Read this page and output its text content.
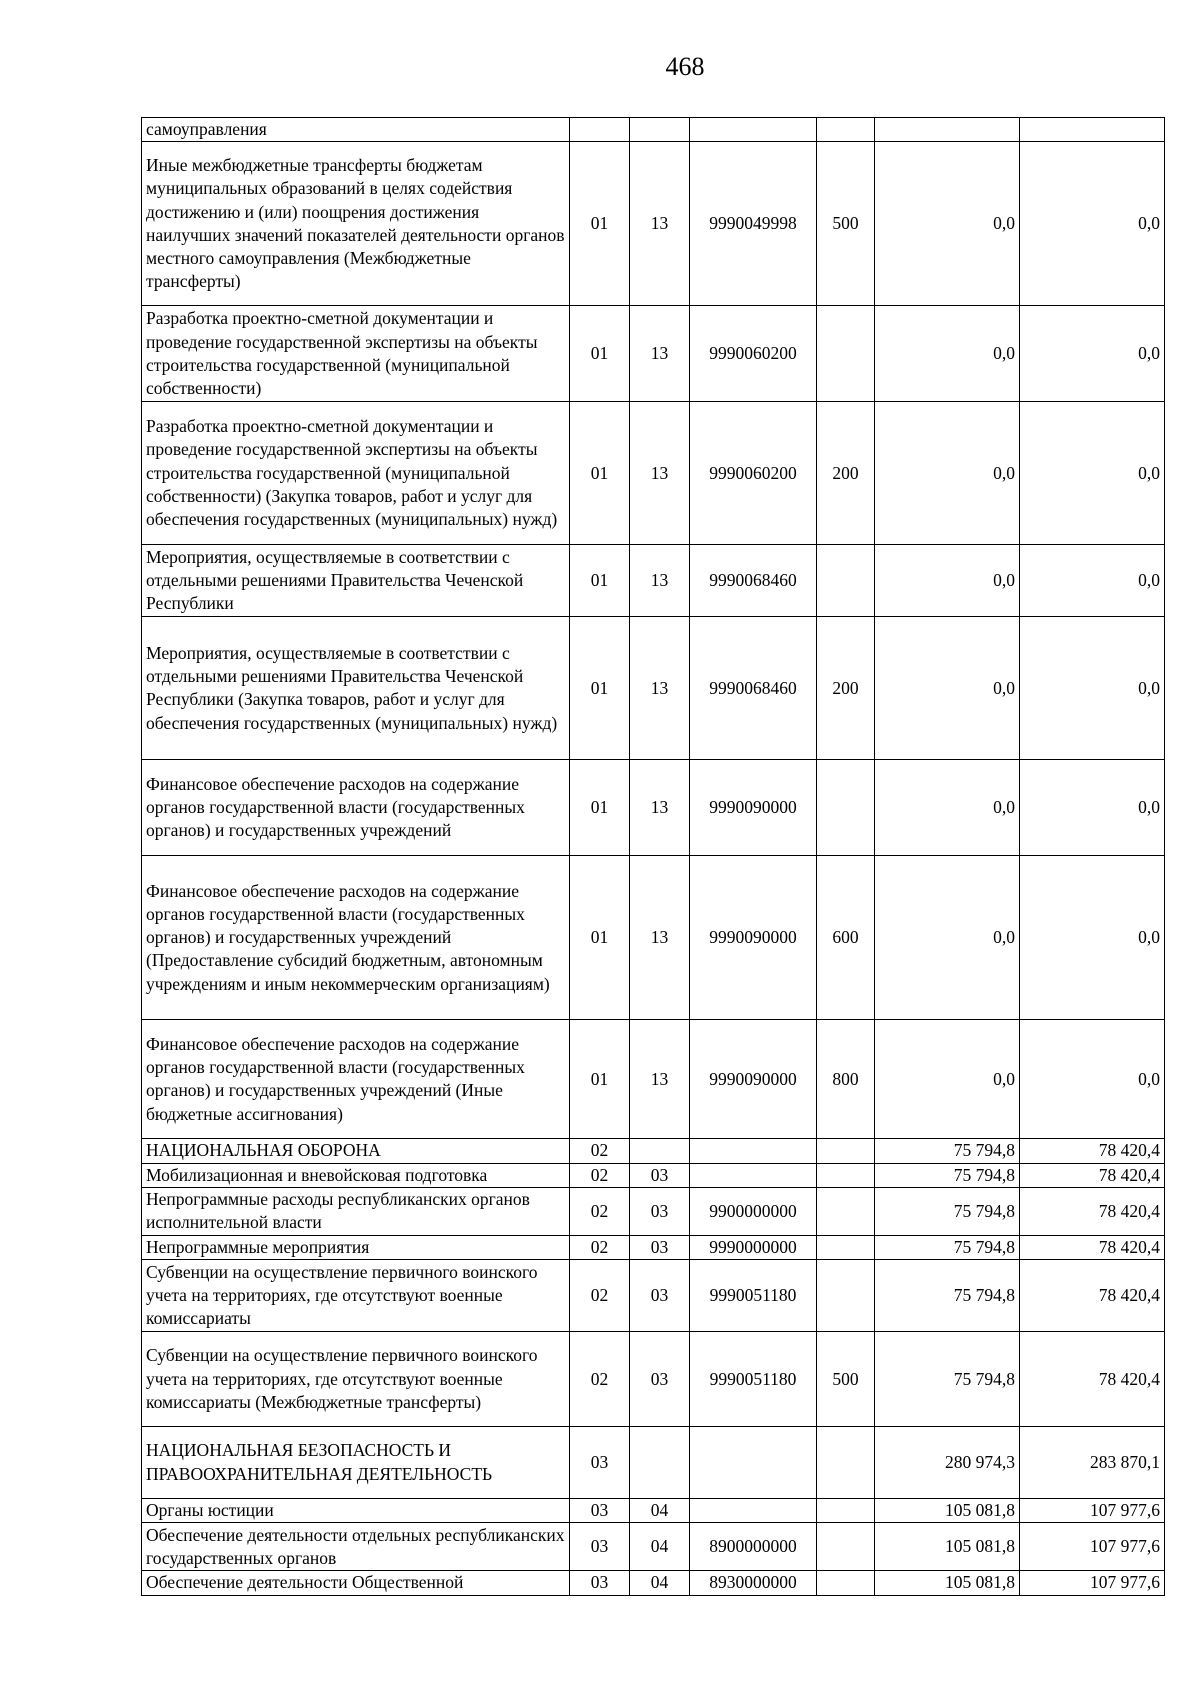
468
самоуправления						
Иные межбюджетные трансферты бюджетам муниципальных образований в целях содействия достижению и (или) поощрения достижения наилучших значений показателей деятельности органов местного самоуправления (Межбюджетные трансферты)	01	13	9990049998	500	0,0	0,0
Разработка проектно-сметной документации и проведение государственной экспертизы на объекты строительства государственной (муниципальной собственности)	01	13	9990060200		0,0	0,0
Разработка проектно-сметной документации и проведение государственной экспертизы на объекты строительства государственной (муниципальной собственности) (Закупка товаров, работ и услуг для обеспечения государственных (муниципальных) нужд)	01	13	9990060200	200	0,0	0,0
Мероприятия, осуществляемые в соответствии с отдельными решениями Правительства Чеченской Республики	01	13	9990068460		0,0	0,0
Мероприятия, осуществляемые в соответствии с отдельными решениями Правительства Чеченской Республики (Закупка товаров, работ и услуг для обеспечения государственных (муниципальных) нужд)	01	13	9990068460	200	0,0	0,0
Финансовое обеспечение расходов на содержание органов государственной власти (государственных органов) и государственных учреждений	01	13	9990090000		0,0	0,0
Финансовое обеспечение расходов на содержание органов государственной власти (государственных органов) и государственных учреждений (Предоставление субсидий бюджетным, автономным учреждениям и иным некоммерческим организациям)	01	13	9990090000	600	0,0	0,0
Финансовое обеспечение расходов на содержание органов государственной власти (государственных органов) и государственных учреждений (Иные бюджетные ассигнования)	01	13	9990090000	800	0,0	0,0
НАЦИОНАЛЬНАЯ ОБОРОНА	02				75 794,8	78 420,4
Мобилизационная и вневойсковая подготовка	02	03			75 794,8	78 420,4
Непрограммные расходы республиканских органов исполнительной власти	02	03	9900000000		75 794,8	78 420,4
Непрограммные мероприятия	02	03	9990000000		75 794,8	78 420,4
Субвенции на осуществление первичного воинского учета на территориях, где отсутствуют военные комиссариаты	02	03	9990051180		75 794,8	78 420,4
Субвенции на осуществление первичного воинского учета на территориях, где отсутствуют военные комиссариаты (Межбюджетные трансферты)	02	03	9990051180	500	75 794,8	78 420,4
НАЦИОНАЛЬНАЯ БЕЗОПАСНОСТЬ И ПРАВООХРАНИТЕЛЬНАЯ ДЕЯТЕЛЬНОСТЬ	03				280 974,3	283 870,1
Органы юстиции	03	04			105 081,8	107 977,6
Обеспечение деятельности отдельных республиканских государственных органов	03	04	8900000000		105 081,8	107 977,6
Обеспечение деятельности Общественной	03	04	8930000000		105 081,8	107 977,6
